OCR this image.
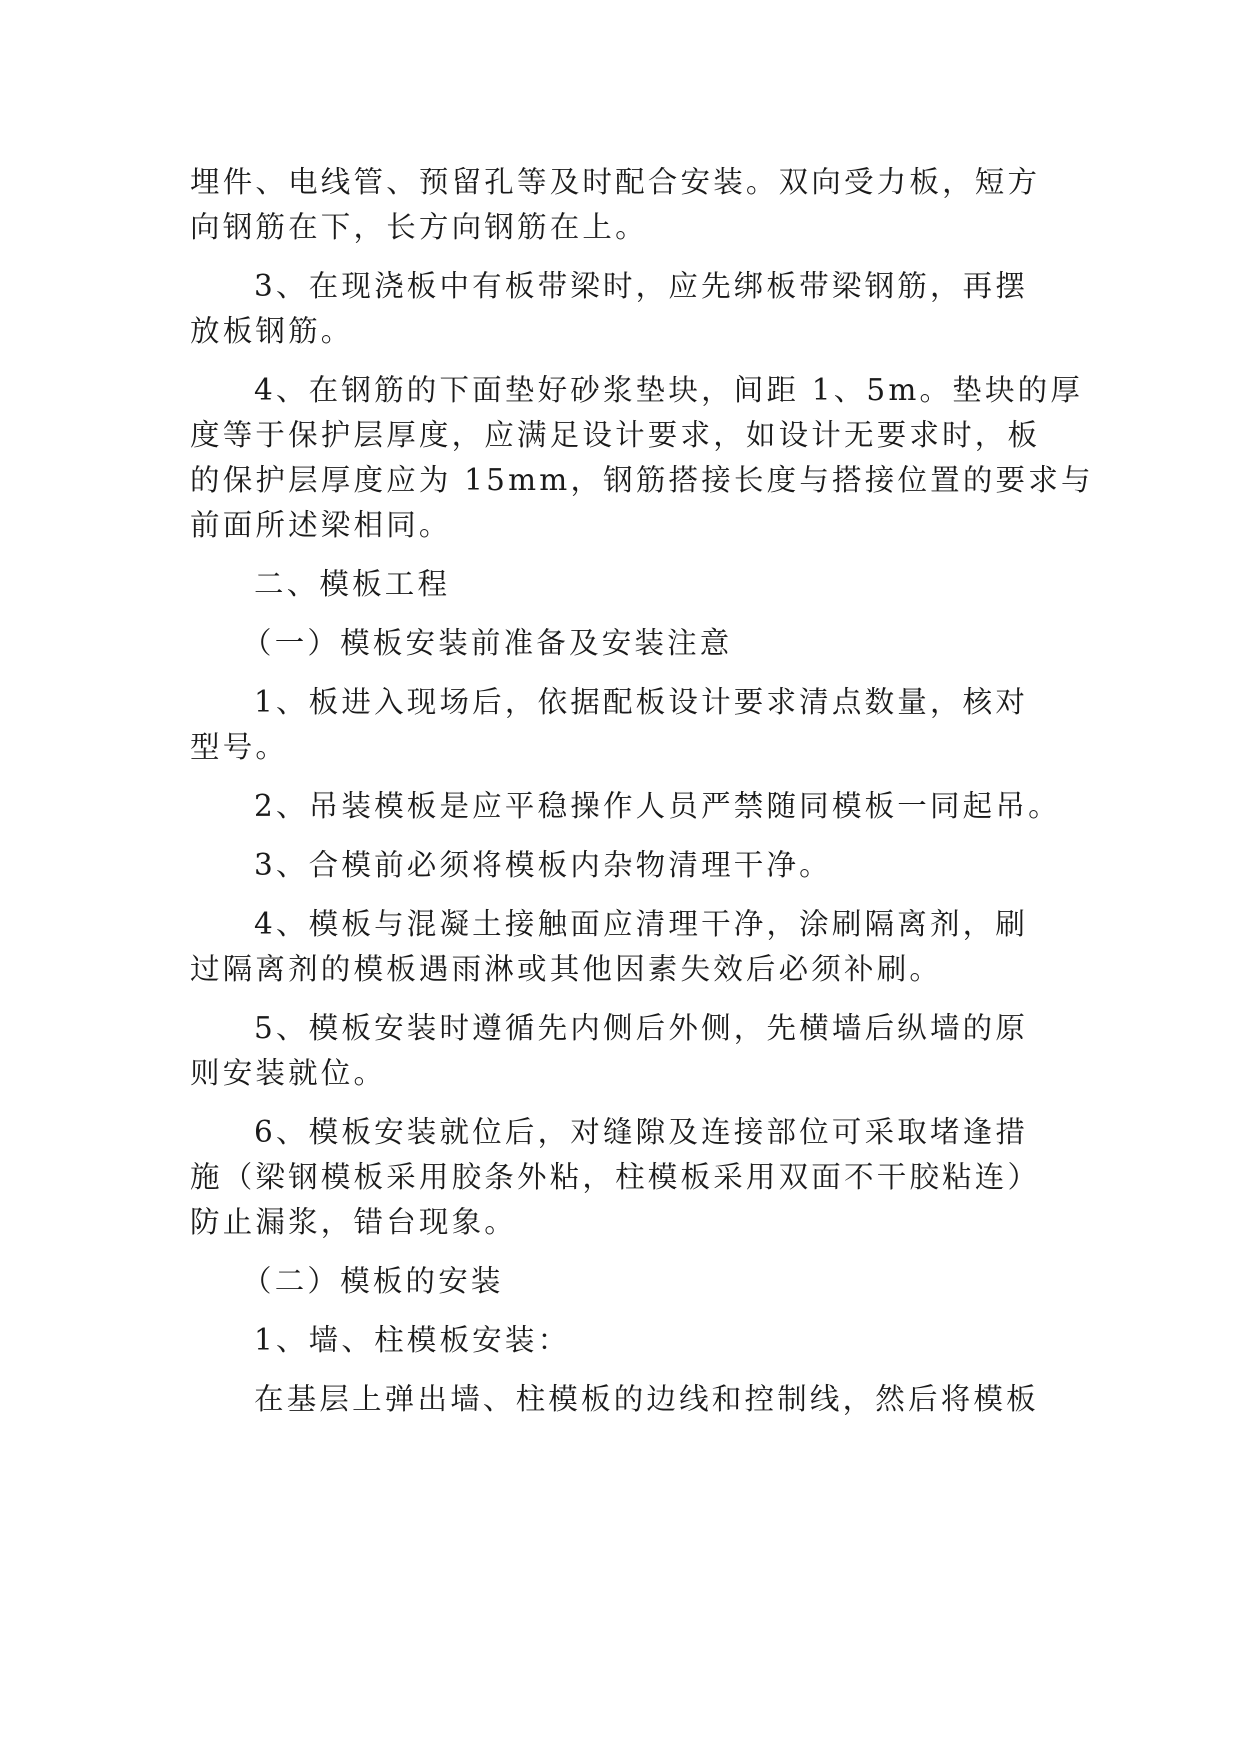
埋件、电线管、预留孔等及时配合安装。双向受力板，短方
向钢筋在下，长方向钢筋在上。
3、在现浇板中有板带梁时，应先绑板带梁钢筋，再摆
放板钢筋。
4、在钢筋的下面垫好砂浆垫块，间距 1、5m。垫块的厚
度等于保护层厚度，应满足设计要求，如设计无要求时，板
的保护层厚度应为 15mm，钢筋搭接长度与搭接位置的要求与
前面所述梁相同。
二、模板工程
（一）模板安装前准备及安装注意
1、板进入现场后，依据配板设计要求清点数量，核对
型号。
2、吊装模板是应平稳操作人员严禁随同模板一同起吊。
3、合模前必须将模板内杂物清理干净。
4、模板与混凝土接触面应清理干净，涂刷隔离剂，刷
过隔离剂的模板遇雨淋或其他因素失效后必须补刷。
5、模板安装时遵循先内侧后外侧，先横墙后纵墙的原
则安装就位。
6、模板安装就位后，对缝隙及连接部位可采取堵逢措
施（梁钢模板采用胶条外粘，柱模板采用双面不干胶粘连）
防止漏浆，错台现象。
（二）模板的安装
1、墙、柱模板安装：
在基层上弹出墙、柱模板的边线和控制线，然后将模板
